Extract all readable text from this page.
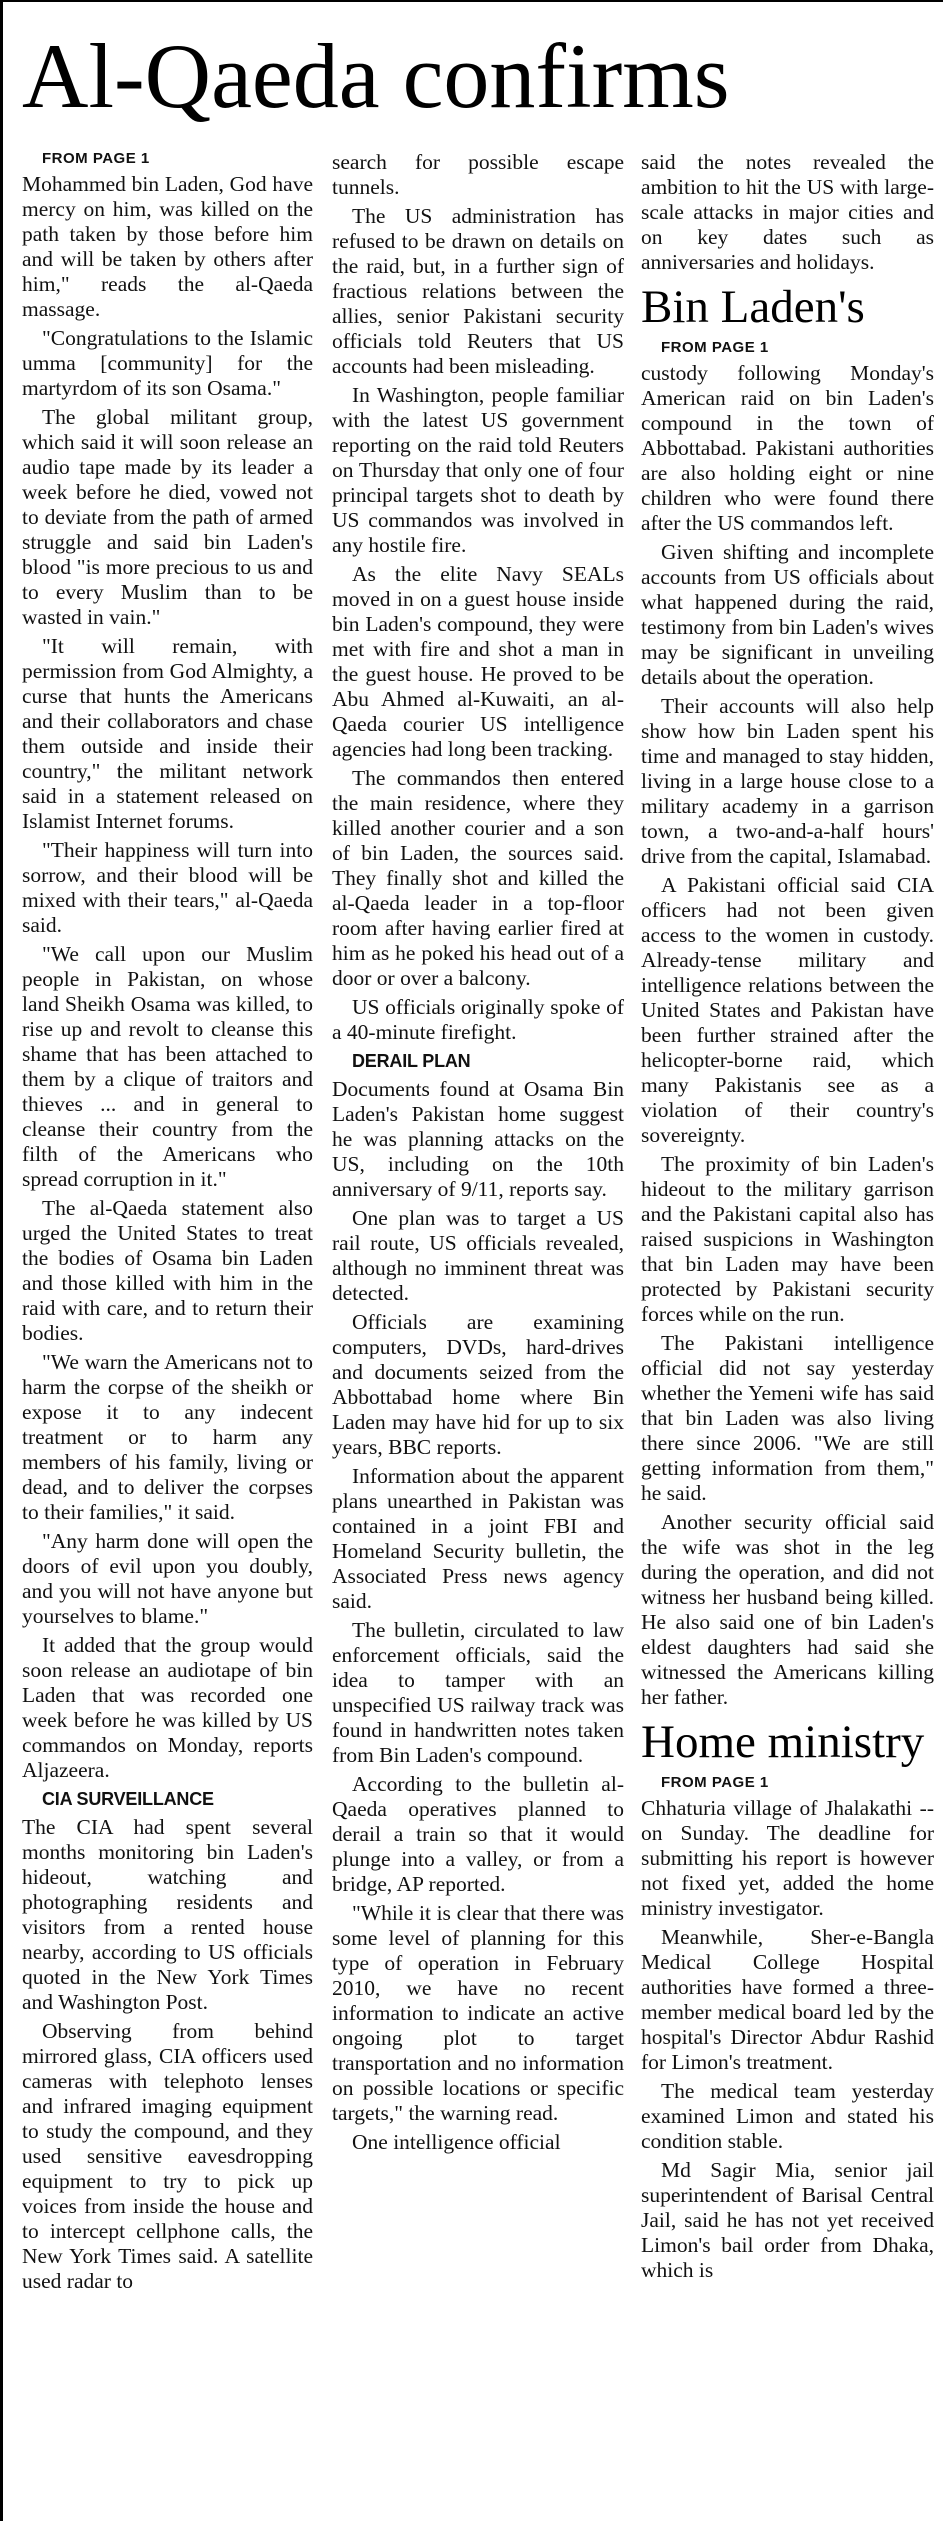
Al-Qaeda confirms

FROM PAGE 1

Mohammed bin Laden, God have mercy on him, was killed on the path taken by those before him and will be taken by others after him," reads the al-Qaeda massage.

"Congratulations to the Islamic umma [community] for the martyrdom of its son Osama."

The global militant group, which said it will soon release an audio tape made by its leader a week before he died, vowed not to deviate from the path of armed struggle and said bin Laden's blood "is more precious to us and to every Muslim than to be wasted in vain."

"It will remain, with permission from God Almighty, a curse that hunts the Americans and their collaborators and chase them outside and inside their country," the militant network said in a statement released on Islamist Internet forums.

"Their happiness will turn into sorrow, and their blood will be mixed with their tears," al-Qaeda said.

"We call upon our Muslim people in Pakistan, on whose land Sheikh Osama was killed, to rise up and revolt to cleanse this shame that has been attached to them by a clique of traitors and thieves ... and in general to cleanse their country from the filth of the Americans who spread corruption in it."

The al-Qaeda statement also urged the United States to treat the bodies of Osama bin Laden and those killed with him in the raid with care, and to return their bodies.

"We warn the Americans not to harm the corpse of the sheikh or expose it to any indecent treatment or to harm any members of his family, living or dead, and to deliver the corpses to their families," it said.

"Any harm done will open the doors of evil upon you doubly, and you will not have anyone but yourselves to blame."

It added that the group would soon release an audiotape of bin Laden that was recorded one week before he was killed by US commandos on Monday, reports Aljazeera.

CIA SURVEILLANCE

The CIA had spent several months monitoring bin Laden's hideout, watching and photographing residents and visitors from a rented house nearby, according to US officials quoted in the New York Times and Washington Post.

Observing from behind mirrored glass, CIA officers used cameras with telephoto lenses and infrared imaging equipment to study the compound, and they used sensitive eavesdropping equipment to try to pick up voices from inside the house and to intercept cellphone calls, the New York Times said. A satellite used radar to

search for possible escape tunnels.

The US administration has refused to be drawn on details on the raid, but, in a further sign of fractious relations between the allies, senior Pakistani security officials told Reuters that US accounts had been misleading.

In Washington, people familiar with the latest US government reporting on the raid told Reuters on Thursday that only one of four principal targets shot to death by US commandos was involved in any hostile fire.

As the elite Navy SEALs moved in on a guest house inside bin Laden's compound, they were met with fire and shot a man in the guest house. He proved to be Abu Ahmed al-Kuwaiti, an al-Qaeda courier US intelligence agencies had long been tracking.

The commandos then entered the main residence, where they killed another courier and a son of bin Laden, the sources said. They finally shot and killed the al-Qaeda leader in a top-floor room after having earlier fired at him as he poked his head out of a door or over a balcony.

US officials originally spoke of a 40-minute firefight.

DERAIL PLAN

Documents found at Osama Bin Laden's Pakistan home suggest he was planning attacks on the US, including on the 10th anniversary of 9/11, reports say.

One plan was to target a US rail route, US officials revealed, although no imminent threat was detected.

Officials are examining computers, DVDs, hard-drives and documents seized from the Abbottabad home where Bin Laden may have hid for up to six years, BBC reports.

Information about the apparent plans unearthed in Pakistan was contained in a joint FBI and Homeland Security bulletin, the Associated Press news agency said.

The bulletin, circulated to law enforcement officials, said the idea to tamper with an unspecified US railway track was found in handwritten notes taken from Bin Laden's compound.

According to the bulletin al-Qaeda operatives planned to derail a train so that it would plunge into a valley, or from a bridge, AP reported.

"While it is clear that there was some level of planning for this type of operation in February 2010, we have no recent information to indicate an active ongoing plot to target transportation and no information on possible locations or specific targets," the warning read.

One intelligence official

said the notes revealed the ambition to hit the US with large-scale attacks in major cities and on key dates such as anniversaries and holidays.

Bin Laden's

FROM PAGE 1

custody following Monday's American raid on bin Laden's compound in the town of Abbottabad. Pakistani authorities are also holding eight or nine children who were found there after the US commandos left.

Given shifting and incomplete accounts from US officials about what happened during the raid, testimony from bin Laden's wives may be significant in unveiling details about the operation.

Their accounts will also help show how bin Laden spent his time and managed to stay hidden, living in a large house close to a military academy in a garrison town, a two-and-a-half hours' drive from the capital, Islamabad.

A Pakistani official said CIA officers had not been given access to the women in custody. Already-tense military and intelligence relations between the United States and Pakistan have been further strained after the helicopter-borne raid, which many Pakistanis see as a violation of their country's sovereignty.

The proximity of bin Laden's hideout to the military garrison and the Pakistani capital also has raised suspicions in Washington that bin Laden may have been protected by Pakistani security forces while on the run.

The Pakistani intelligence official did not say yesterday whether the Yemeni wife has said that bin Laden was also living there since 2006. "We are still getting information from them," he said.

Another security official said the wife was shot in the leg during the operation, and did not witness her husband being killed. He also said one of bin Laden's eldest daughters had said she witnessed the Americans killing her father.

Home ministry

FROM PAGE 1

Chhaturia village of Jhalakathi -- on Sunday. The deadline for submitting his report is however not fixed yet, added the home ministry investigator.

Meanwhile, Sher-e-Bangla Medical College Hospital authorities have formed a three-member medical board led by the hospital's Director Abdur Rashid for Limon's treatment.

The medical team yesterday examined Limon and stated his condition stable.

Md Sagir Mia, senior jail superintendent of Barisal Central Jail, said he has not yet received Limon's bail order from Dhaka, which is
